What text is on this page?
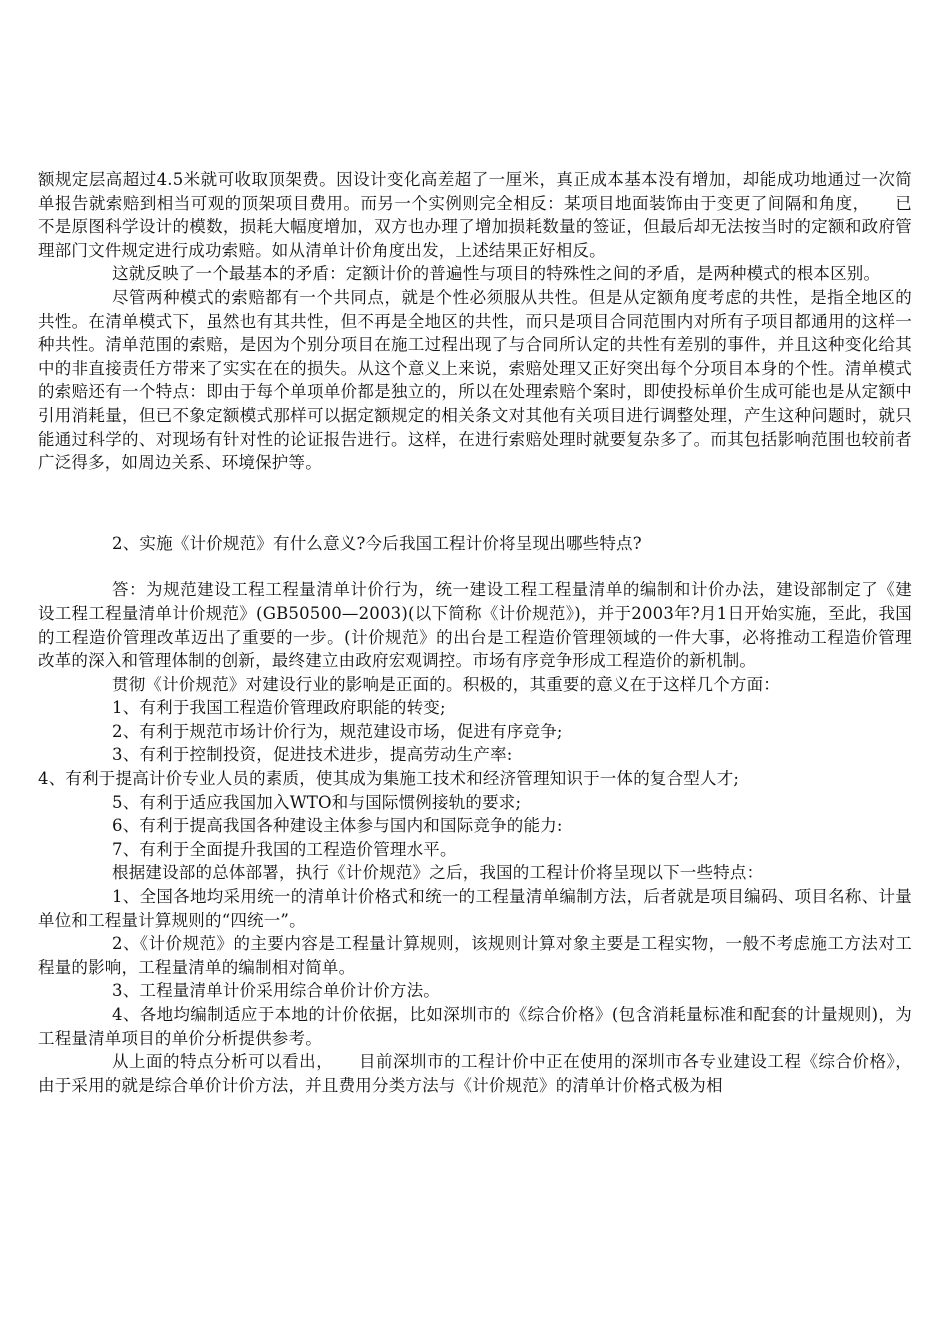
额规定层高超过4.5米就可收取顶架费。因设计变化高差超了一厘米，真正成本基本没有增加，却能成功地通过一次简单报告就索赔到相当可观的顶架项目费用。而另一个实例则完全相反：某项目地面装饰由于变更了间隔和角度，　　已不是原图科学设计的模数，损耗大幅度增加，双方也办理了增加损耗数量的签证，但最后却无法按当时的定额和政府管理部门文件规定进行成功索赔。如从清单计价角度出发，上述结果正好相反。

这就反映了一个最基本的矛盾：定额计价的普遍性与项目的特殊性之间的矛盾，是两种模式的根本区别。

尽管两种模式的索赔都有一个共同点，就是个性必须服从共性。但是从定额角度考虑的共性，是指全地区的共性。在清单模式下，虽然也有其共性，但不再是全地区的共性，而只是项目合同范围内对所有子项目都通用的这样一种共性。清单范围的索赔，是因为个别分项目在施工过程出现了与合同所认定的共性有差别的事件，并且这种变化给其中的非直接责任方带来了实实在在的损失。从这个意义上来说，索赔处理又正好突出每个分项目本身的个性。清单模式的索赔还有一个特点：即由于每个单项单价都是独立的，所以在处理索赔个案时，即使投标单价生成可能也是从定额中引用消耗量，但已不象定额模式那样可以据定额规定的相关条文对其他有关项目进行调整处理，产生这种问题时，就只能通过科学的、对现场有针对性的论证报告进行。这样，在进行索赔处理时就要复杂多了。而其包括影响范围也较前者广泛得多，如周边关系、环境保护等。

2、实施《计价规范》有什么意义?今后我国工程计价将呈现出哪些特点?

答：为规范建设工程工程量清单计价行为，统一建设工程工程量清单的编制和计价办法，建设部制定了《建设工程工程量清单计价规范》(GB50500—2003)(以下简称《计价规范》)，并于2003年?月1日开始实施，至此，我国的工程造价管理改革迈出了重要的一步。(计价规范》的出台是工程造价管理领域的一件大事，必将推动工程造价管理改革的深入和管理体制的创新，最终建立由政府宏观调控。市场有序竞争形成工程造价的新机制。

贯彻《计价规范》对建设行业的影响是正面的。积极的，其重要的意义在于这样几个方面：

1、有利于我国工程造价管理政府职能的转变;

2、有利于规范市场计价行为，规范建设市场，促进有序竞争;

3、有利于控制投资，促进技术进步，提高劳动生产率:

4、有利于提高计价专业人员的素质，使其成为集施工技术和经济管理知识于一体的复合型人才;

5、有利于适应我国加入WTO和与国际惯例接轨的要求;

6、有利于提高我国各种建设主体参与国内和国际竞争的能力:

7、有利于全面提升我国的工程造价管理水平。

根据建设部的总体部署，执行《计价规范》之后，我国的工程计价将呈现以下一些特点：

1、全国各地均采用统一的清单计价格式和统一的工程量清单编制方法，后者就是项目编码、项目名称、计量单位和工程量计算规则的“四统一”。

2、《计价规范》的主要内容是工程量计算规则，该规则计算对象主要是工程实物，一般不考虑施工方法对工程量的影响，工程量清单的编制相对简单。

3、工程量清单计价采用综合单价计价方法。

4、各地均编制适应于本地的计价依据，比如深圳市的《综合价格》(包含消耗量标准和配套的计量规则)，为工程量清单项目的单价分析提供参考。

从上面的特点分析可以看出，　　目前深圳市的工程计价中正在使用的深圳市各专业建设工程《综合价格》，由于采用的就是综合单价计价方法，并且费用分类方法与《计价规范》的清单计价格式极为相
